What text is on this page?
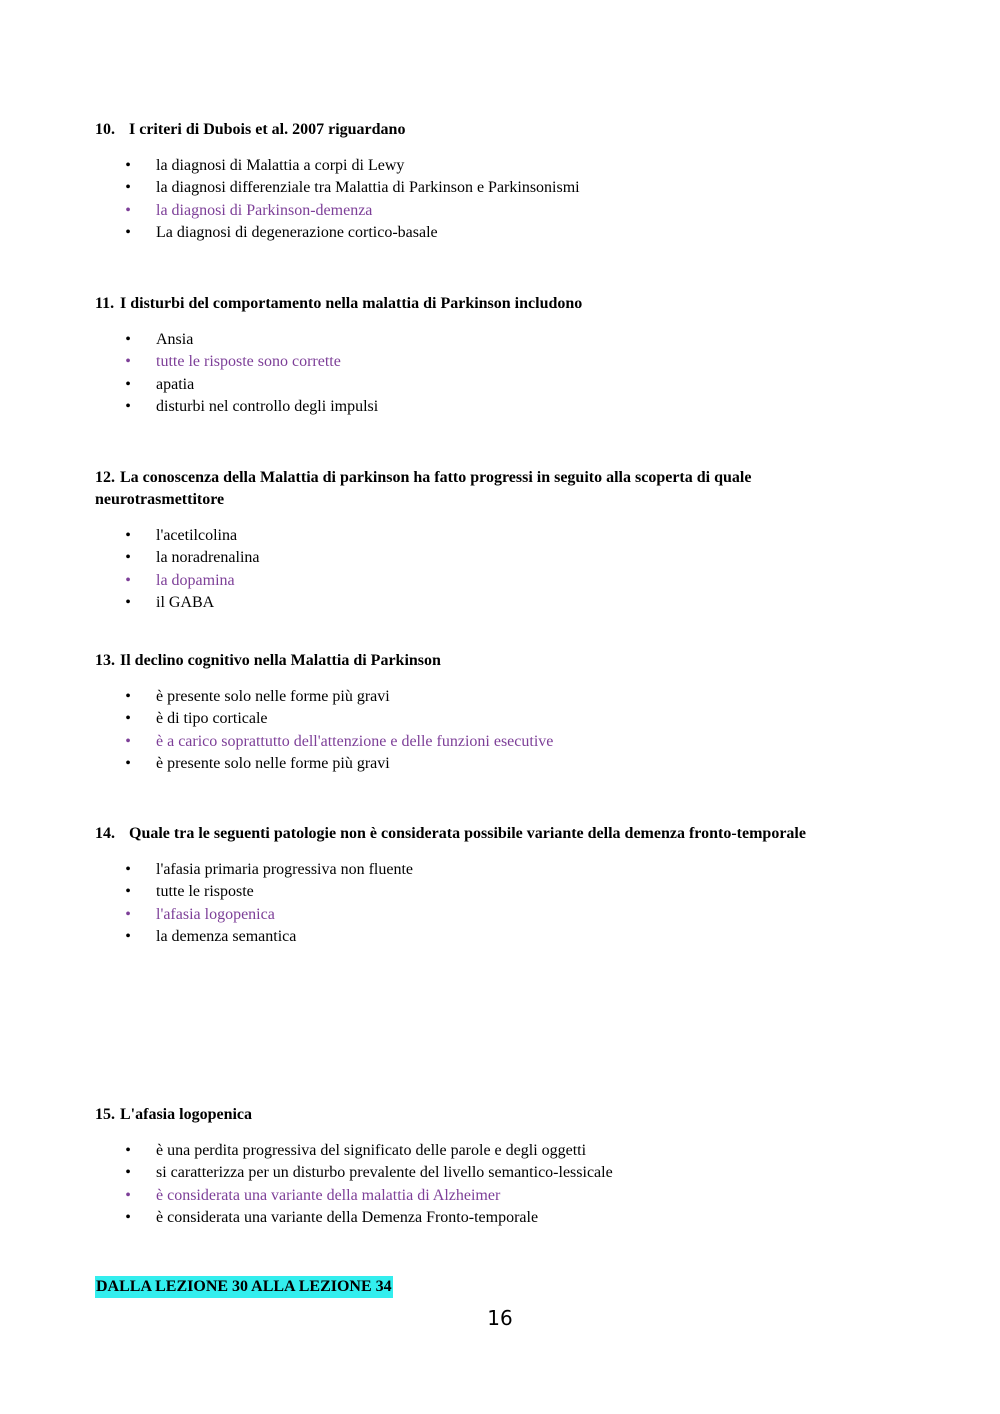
10. I criteri di Dubois et al. 2007 riguardano
• la diagnosi di Malattia a corpi di Lewy
• la diagnosi differenziale tra Malattia di Parkinson e Parkinsonismi
• la diagnosi di Parkinson-demenza
• La diagnosi di degenerazione cortico-basale
11. I disturbi del comportamento nella malattia di Parkinson includono
• Ansia
• tutte le risposte sono corrette
• apatia
• disturbi nel controllo degli impulsi
12. La conoscenza della Malattia di parkinson ha fatto progressi in seguito alla scoperta di quale neurotrasmettitore
• l'acetilcolina
• la noradrenalina
• la dopamina
• il GABA
13. Il declino cognitivo nella Malattia di Parkinson
• è presente solo nelle forme più gravi
• è di tipo corticale
• è a carico soprattutto dell'attenzione e delle funzioni esecutive
• è presente solo nelle forme più gravi
14. Quale tra le seguenti patologie non è considerata possibile variante della demenza fronto-temporale
• l'afasia primaria progressiva non fluente
• tutte le risposte
• l'afasia logopenica
• la demenza semantica
15. L'afasia logopenica
• è una perdita progressiva del significato delle parole e degli oggetti
• si caratterizza per un disturbo prevalente del livello semantico-lessicale
• è considerata una variante della malattia di Alzheimer
• è considerata una variante della Demenza Fronto-temporale
DALLA LEZIONE 30 ALLA LEZIONE 34
16
